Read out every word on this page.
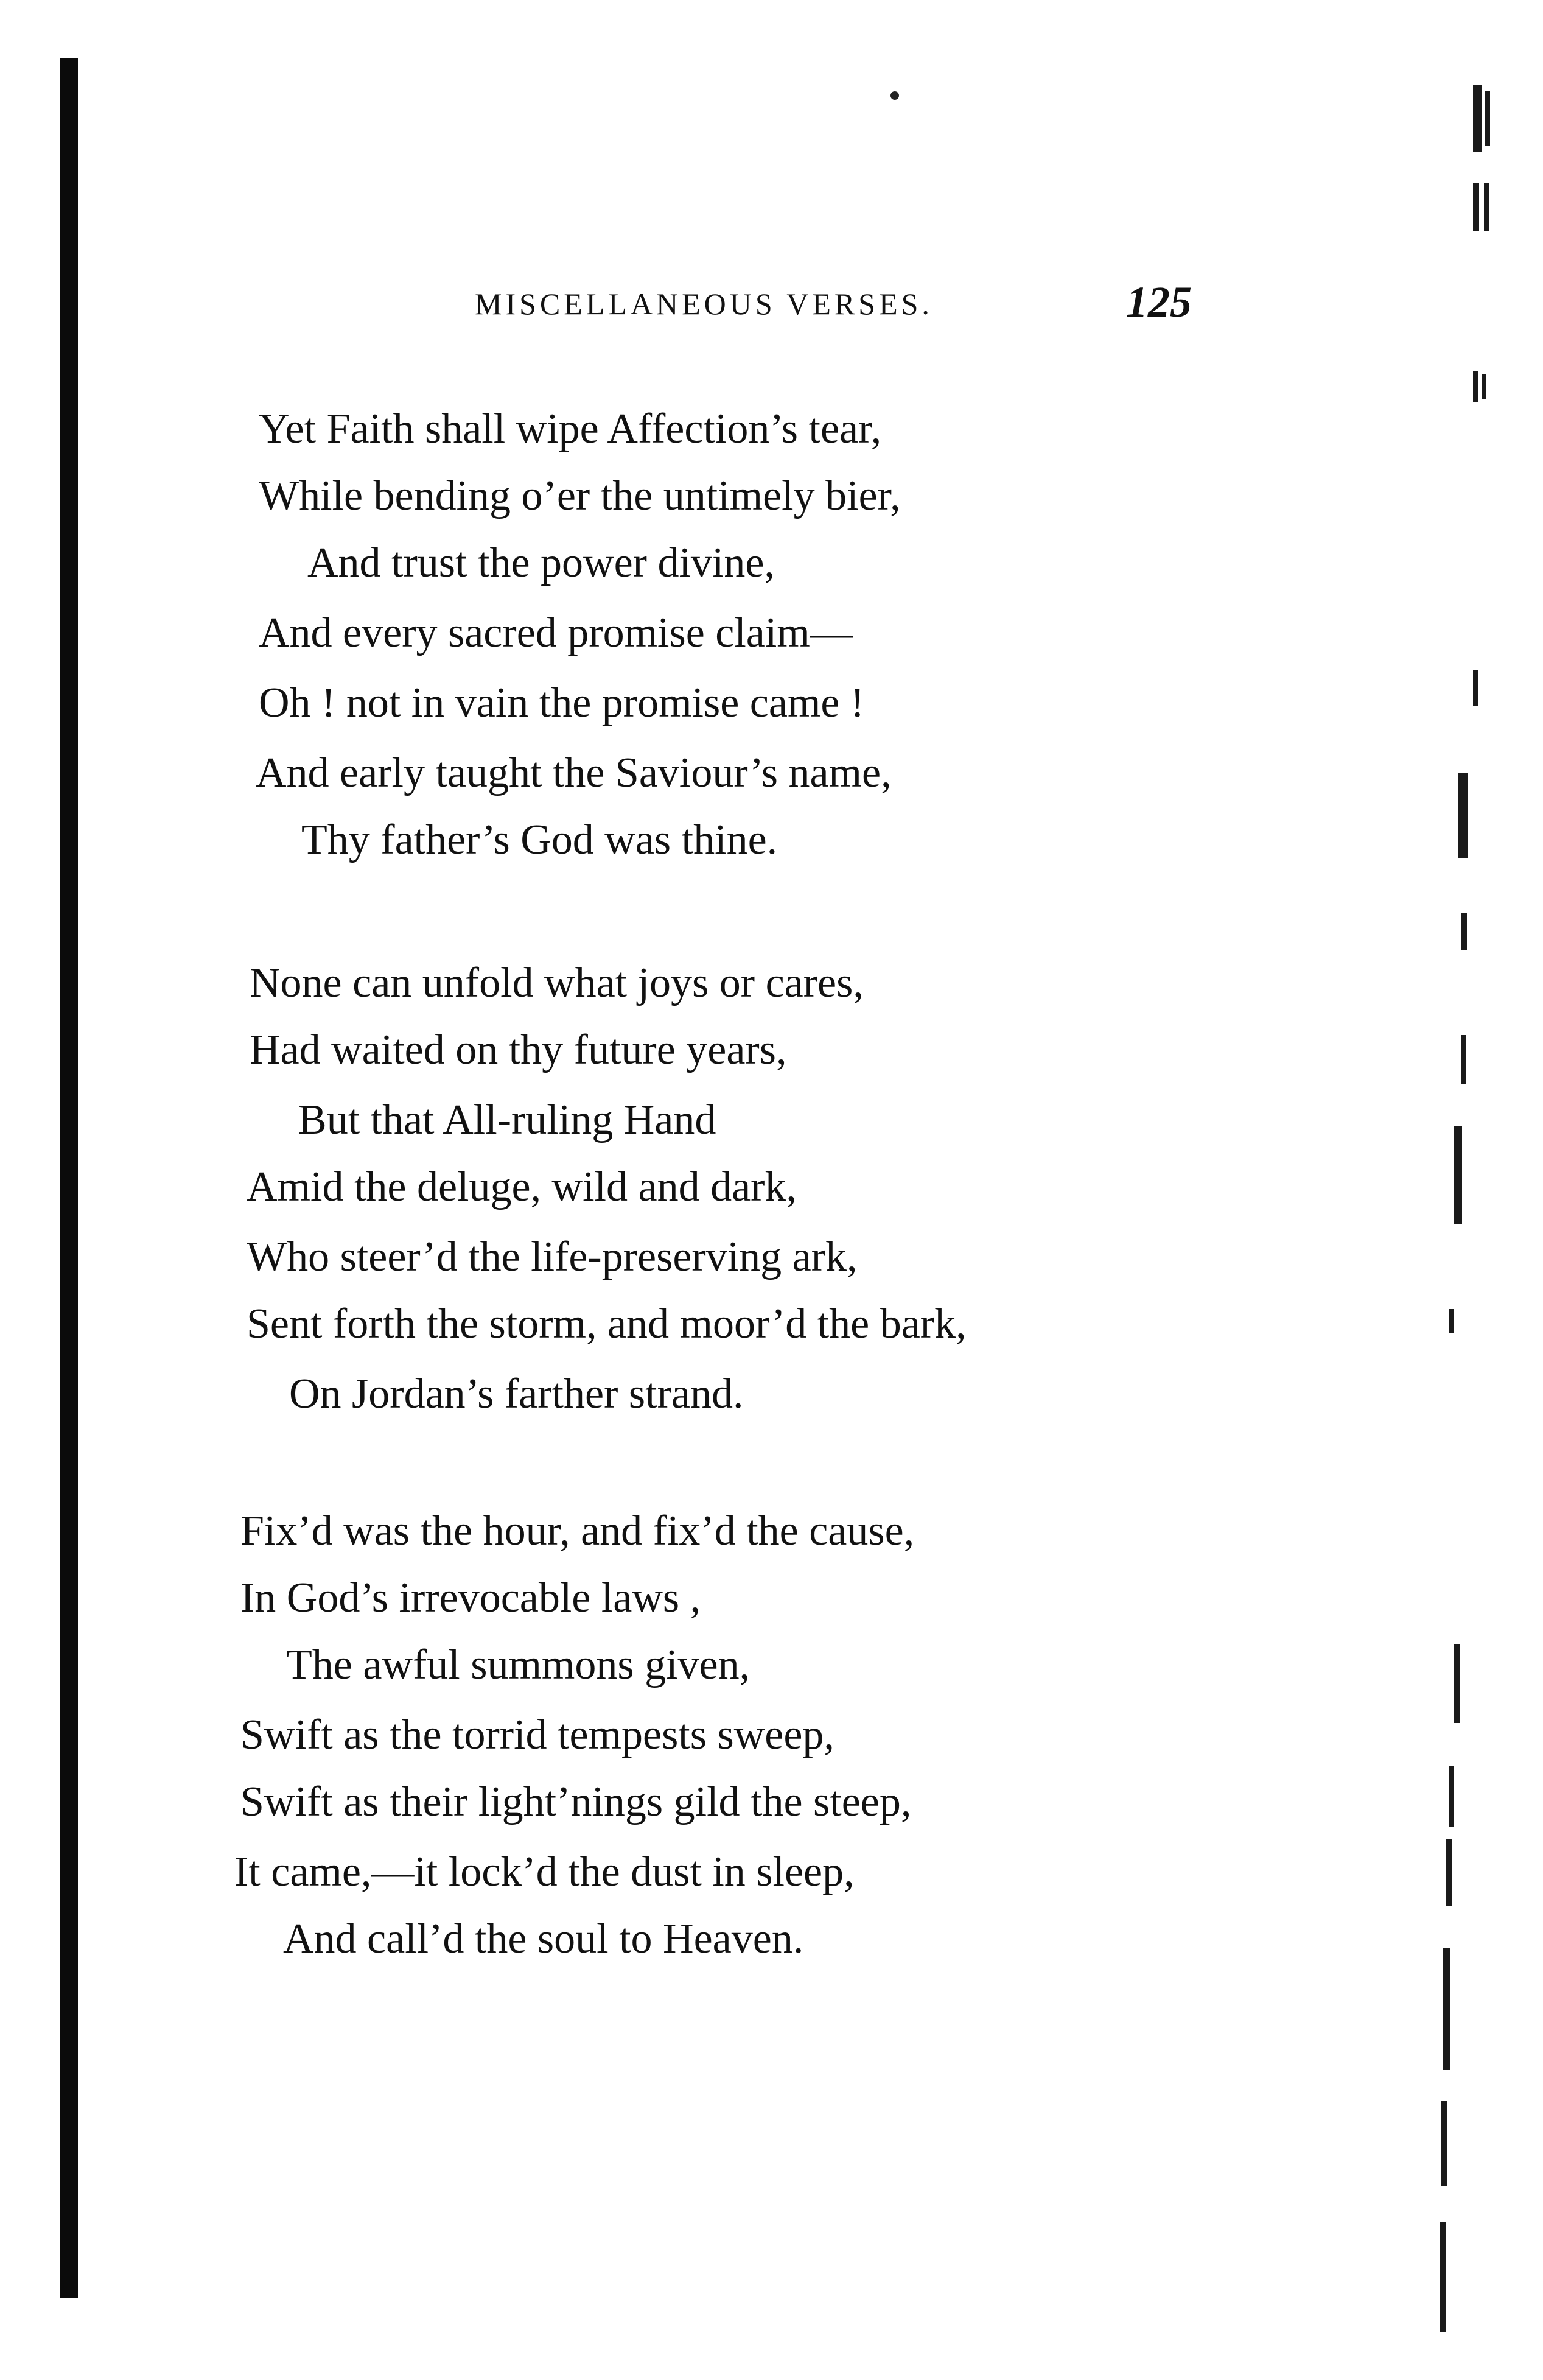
MISCELLANEOUS VERSES.	125
Yet Faith shall wipe Affection’s tear,
While bending o’er the untimely bier,
And trust the power divine,
And every sacred promise claim—
Oh ! not in vain the promise came !
And early taught the Saviour’s name,
Thy father’s God was thine.
None can unfold what joys or cares,
Had waited on thy future years,
But that All-ruling Hand
Amid the deluge, wild and dark,
Who steer’d the life-preserving ark,
Sent forth the storm, and moor’d the bark,
On Jordan’s farther strand.
Fix’d was the hour, and fix’d the cause,
In God’s irrevocable laws ,
The awful summons given,
Swift as the torrid tempests sweep,
Swift as their light’nings gild the steep,
It came,—it lock’d the dust in sleep,
And call’d the soul to Heaven.
